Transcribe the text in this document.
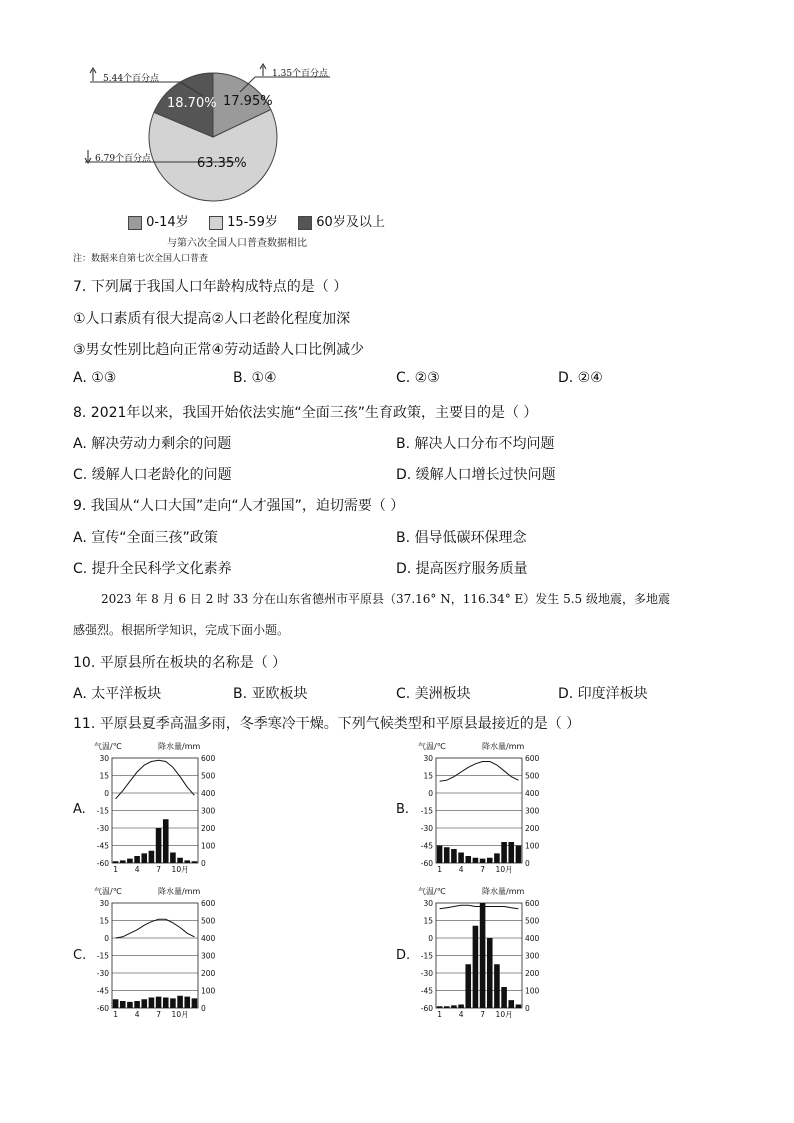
5.44个百分点	1.35个百分点
6.79个百分点
18.70% 17.95%
63.35%
0-14岁	15-59岁	60岁及以上
与第六次全国人口普查数据相比
注：数据来自第七次全国人口普查
7. 下列属于我国人口年龄构成特点的是（ ）
①人口素质有很大提高②人口老龄化程度加深
③男女性别比趋向正常④劳动适龄人口比例减少
A. ①③	B. ①④	C. ②③	D. ②④
8. 2021年以来，我国开始依法实施“全面三孩”生育政策，主要目的是（ ）
A. 解决劳动力剩余的问题	B. 解决人口分布不均问题
C. 缓解人口老龄化的问题	D. 缓解人口增长过快问题
9. 我国从“人口大国”走向“人才强国”，迫切需要（ ）
A. 宣传“全面三孩”政策	B. 倡导低碳环保理念
C. 提升全民科学文化素养	D. 提高医疗服务质量
2023 年 8 月 6 日 2 时 33 分在山东省德州市平原县（37.16° N，116.34° E）发生 5.5 级地震，多地震
感强烈。根据所学知识，完成下面小题。
10. 平原县所在板块的名称是（ ）
A. 太平洋板块	B. 亚欧板块	C. 美洲板块	D. 印度洋板块
11. 平原县夏季高温多雨，冬季寒冷干燥。下列气候类型和平原县最接近的是（ ）
A.	B.
C.	D.
气温/℃	降水量/mm
30	600
15	500
0	400
-15	300
-30	200
-45	100
-60	0
1 4 7 10月
气温/℃	降水量/mm
30	600
15	500
0	400
-15	300
-30	200
-45	100
-60	0
1 4 7 10月
气温/℃	降水量/mm
30	600
15	500
0	400
-15	300
-30	200
-45	100
-60	0
1 4 7 10月
气温/℃	降水量/mm
30	600
15	500
0	400
-15	300
-30	200
-45	100
-60	0
1 4 7 10月
